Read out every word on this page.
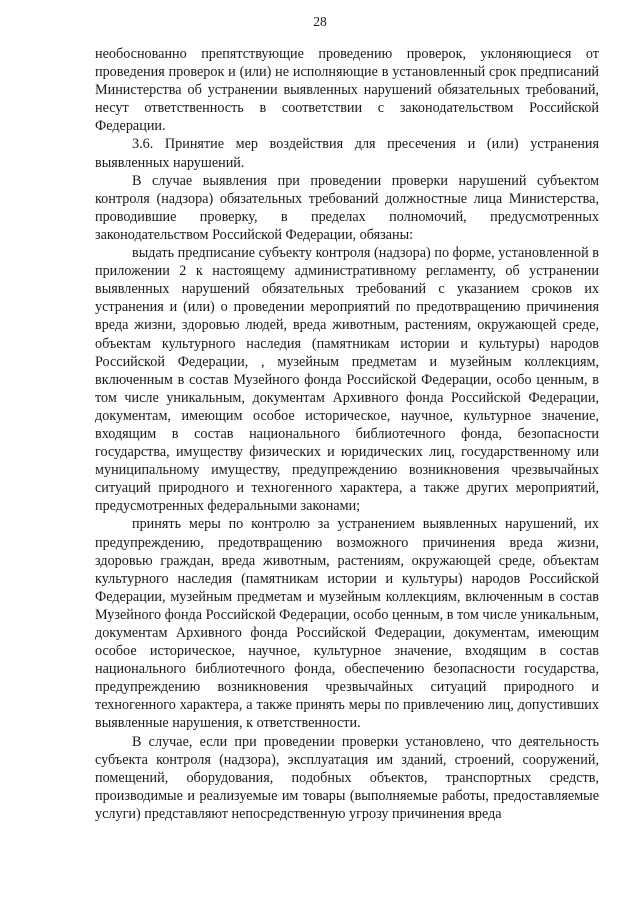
28

необоснованно препятствующие проведению проверок, уклоняющиеся от проведения проверок и (или) не исполняющие в установленный срок предписаний Министерства об устранении выявленных нарушений обязательных требований, несут ответственность в соответствии с законодательством Российской Федерации.

3.6. Принятие мер воздействия для пресечения и (или) устранения выявленных нарушений.

В случае выявления при проведении проверки нарушений субъектом контроля (надзора) обязательных требований должностные лица Министерства, проводившие проверку, в пределах полномочий, предусмотренных законодательством Российской Федерации, обязаны:

выдать предписание субъекту контроля (надзора) по форме, установленной в приложении 2 к настоящему административному регламенту, об устранении выявленных нарушений обязательных требований с указанием сроков их устранения и (или) о проведении мероприятий по предотвращению причинения вреда жизни, здоровью людей, вреда животным, растениям, окружающей среде, объектам культурного наследия (памятникам истории и культуры) народов Российской Федерации, , музейным предметам и музейным коллекциям, включенным в состав Музейного фонда Российской Федерации, особо ценным, в том числе уникальным, документам Архивного фонда Российской Федерации, документам, имеющим особое историческое, научное, культурное значение, входящим в состав национального библиотечного фонда, безопасности государства, имуществу физических и юридических лиц, государственному или муниципальному имуществу, предупреждению возникновения чрезвычайных ситуаций природного и техногенного характера, а также других мероприятий, предусмотренных федеральными законами;

принять меры по контролю за устранением выявленных нарушений, их предупреждению, предотвращению возможного причинения вреда жизни, здоровью граждан, вреда животным, растениям, окружающей среде, объектам культурного наследия (памятникам истории и культуры) народов Российской Федерации, музейным предметам и музейным коллекциям, включенным в состав Музейного фонда Российской Федерации, особо ценным, в том числе уникальным, документам Архивного фонда Российской Федерации, документам, имеющим особое историческое, научное, культурное значение, входящим в состав национального библиотечного фонда, обеспечению безопасности государства, предупреждению возникновения чрезвычайных ситуаций природного и техногенного характера, а также принять меры по привлечению лиц, допустивших выявленные нарушения, к ответственности.

В случае, если при проведении проверки установлено, что деятельность субъекта контроля (надзора), эксплуатация им зданий, строений, сооружений, помещений, оборудования, подобных объектов, транспортных средств, производимые и реализуемые им товары (выполняемые работы, предоставляемые услуги) представляют непосредственную угрозу причинения вреда
